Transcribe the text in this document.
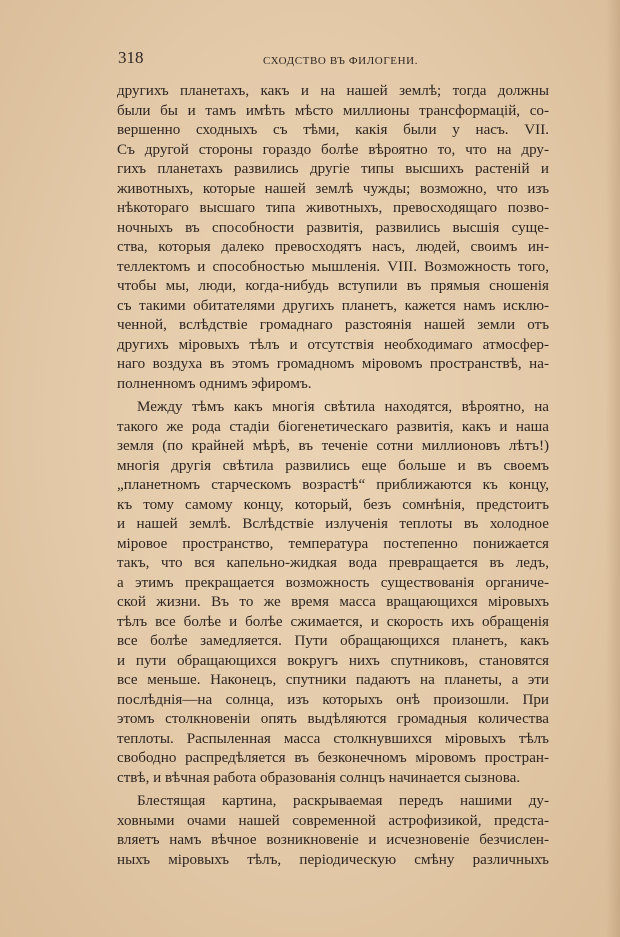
318	СХОДСТВО ВЪ ФИЛОГЕНИ.
другихъ планетахъ, какъ и на нашей землѣ; тогда должны
были бы и тамъ имѣть мѣсто миллионы трансформацій, со-
вершенно сходныхъ съ тѣми, какія были у насъ. VII.
Съ другой стороны гораздо болѣе вѣроятно то, что на дру-
гихъ планетахъ развились другіе типы высшихъ растеній и
животныхъ, которые нашей землѣ чужды; возможно, что изъ
нѣкотораго высшаго типа животныхъ, превосходящаго позво-
ночныхъ въ способности развитія, развились высшія суще-
ства, которыя далеко превосходятъ насъ, людей, своимъ ин-
теллектомъ и способностью мышленія. VIII. Возможность того,
чтобы мы, люди, когда-нибудь вступили въ прямыя сношенія
съ такими обитателями другихъ планетъ, кажется намъ исклю-
ченной, вслѣдствіе громаднаго разстоянія нашей земли отъ
другихъ міровыхъ тѣлъ и отсутствія необходимаго атмосфер-
наго воздуха въ этомъ громадномъ міровомъ пространствѣ, на-
полненномъ однимъ эфиромъ.
Между тѣмъ какъ многія свѣтила находятся, вѣроятно, на
такого же рода стадіи біогенетическаго развитія, какъ и наша
земля (по крайней мѣрѣ, въ теченіе сотни миллионовъ лѣтъ!)
многія другія свѣтила развились еще больше и въ своемъ
„планетномъ старческомъ возрастѣ“ приближаются къ концу,
къ тому самому концу, который, безъ сомнѣнія, предстоитъ
и нашей землѣ. Вслѣдствіе излученія теплоты въ холодное
міровое пространство, температура постепенно понижается
такъ, что вся капельно-жидкая вода превращается въ ледъ,
а этимъ прекращается возможность существованія органиче-
ской жизни. Въ то же время масса вращающихся міровыхъ
тѣлъ все болѣе и болѣе сжимается, и скорость ихъ обращенія
все болѣе замедляется. Пути обращающихся планетъ, какъ
и пути обращающихся вокругъ нихъ спутниковъ, становятся
все меньше. Наконецъ, спутники падаютъ на планеты, а эти
послѣднія—на солнца, изъ которыхъ онѣ произошли. При
этомъ столкновеніи опять выдѣляются громадныя количества
теплоты. Распыленная масса столкнувшихся міровыхъ тѣлъ
свободно распредѣляется въ безконечномъ міровомъ простран-
ствѣ, и вѣчная работа образованія солнцъ начинается сызнова.
Блестящая картина, раскрываемая передъ нашими ду-
ховными очами нашей современной астрофизикой, предста-
вляетъ намъ вѣчное возникновеніе и исчезновеніе безчислен-
ныхъ міровыхъ тѣлъ, періодическую смѣну различныхъ
